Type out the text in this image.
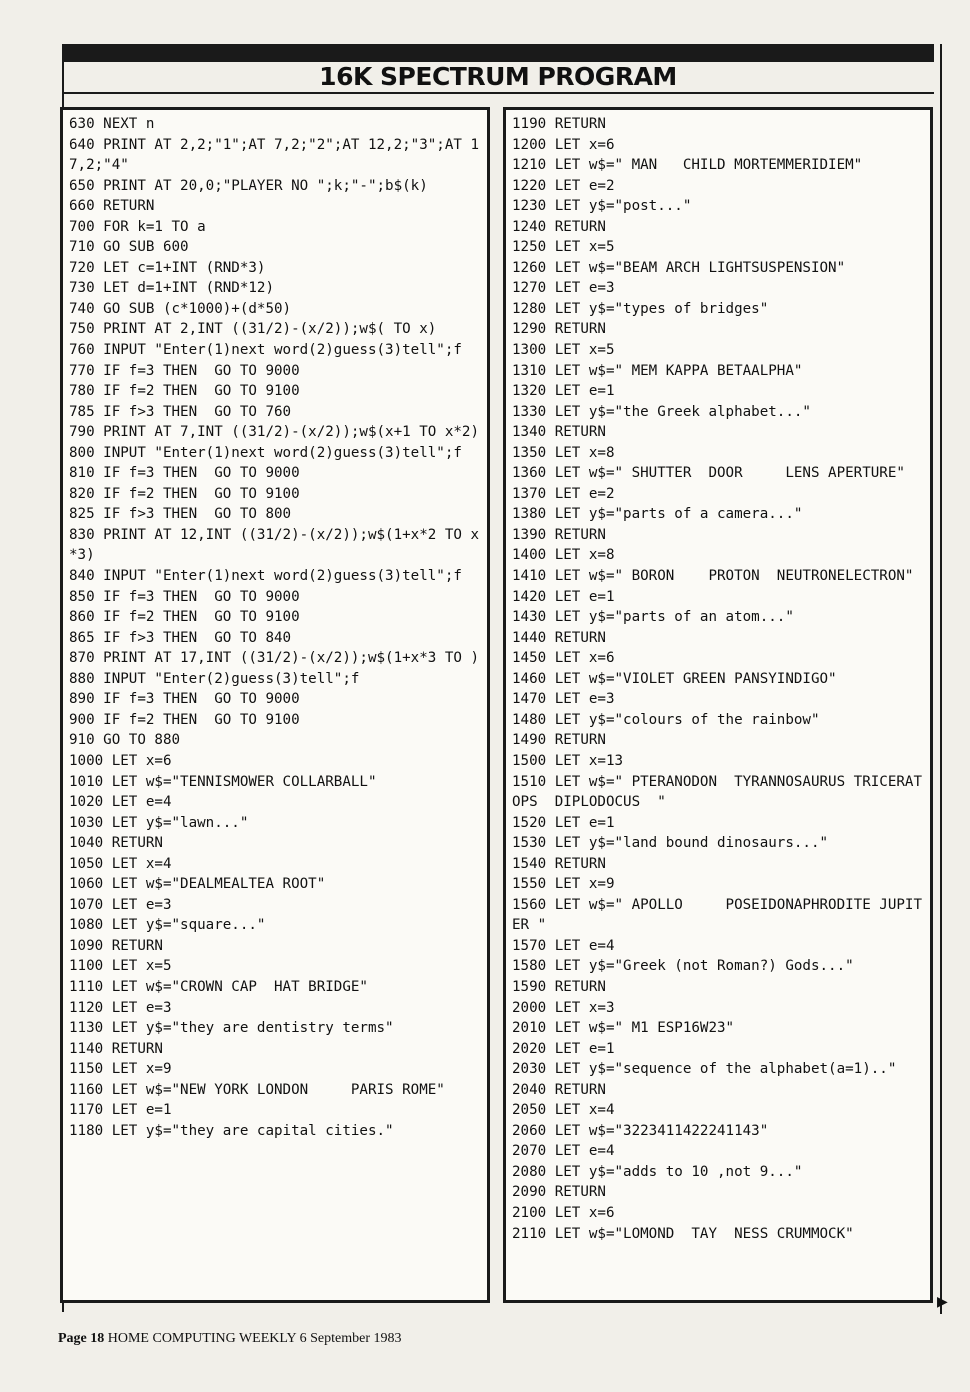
16K SPECTRUM PROGRAM
630 NEXT n
640 PRINT AT 2,2;"1";AT 7,2;"2";AT 12,2;"3";AT 17,2;"4"
650 PRINT AT 20,0;"PLAYER NO ";k;"-";b$(k)
660 RETURN
700 FOR k=1 TO a
710 GO SUB 600
720 LET c=1+INT (RND*3)
730 LET d=1+INT (RND*12)
740 GO SUB (c*1000)+(d*50)
750 PRINT AT 2,INT ((31/2)-(x/2));w$( TO x)
760 INPUT "Enter(1)next word(2)guess(3)tell";f
770 IF f=3 THEN  GO TO 9000
780 IF f=2 THEN  GO TO 9100
785 IF f>3 THEN  GO TO 760
790 PRINT AT 7,INT ((31/2)-(x/2));w$(x+1 TO x*2)
800 INPUT "Enter(1)next word(2)guess(3)tell";f
810 IF f=3 THEN  GO TO 9000
820 IF f=2 THEN  GO TO 9100
825 IF f>3 THEN  GO TO 800
830 PRINT AT 12,INT ((31/2)-(x/2));w$(1+x*2 TO x*3)
840 INPUT "Enter(1)next word(2)guess(3)tell";f
850 IF f=3 THEN  GO TO 9000
860 IF f=2 THEN  GO TO 9100
865 IF f>3 THEN  GO TO 840
870 PRINT AT 17,INT ((31/2)-(x/2));w$(1+x*3 TO )
880 INPUT "Enter(2)guess(3)tell";f
890 IF f=3 THEN  GO TO 9000
900 IF f=2 THEN  GO TO 9100
910 GO TO 880
1000 LET x=6
1010 LET w$="TENNISMOWER COLLARBALL"
1020 LET e=4
1030 LET y$="lawn..."
1040 RETURN
1050 LET x=4
1060 LET w$="DEALMEALTEA ROOT"
1070 LET e=3
1080 LET y$="square..."
1090 RETURN
1100 LET x=5
1110 LET w$="CROWN CAP  HAT BRIDGE"
1120 LET e=3
1130 LET y$="they are dentistry terms"
1140 RETURN
1150 LET x=9
1160 LET w$="NEW YORK LONDON     PARIS ROME"
1170 LET e=1
1180 LET y$="they are capital cities."
1190 RETURN
1200 LET x=6
1210 LET w$=" MAN   CHILD MORTEMMERIDIEM"
1220 LET e=2
1230 LET y$="post..."
1240 RETURN
1250 LET x=5
1260 LET w$="BEAM ARCH LIGHTSUSPENSION"
1270 LET e=3
1280 LET y$="types of bridges"
1290 RETURN
1300 LET x=5
1310 LET w$=" MEM KAPPA BETAALPHA"
1320 LET e=1
1330 LET y$="the Greek alphabet..."
1340 RETURN
1350 LET x=8
1360 LET w$=" SHUTTER  DOOR     LENS APERTURE"
1370 LET e=2
1380 LET y$="parts of a camera..."
1390 RETURN
1400 LET x=8
1410 LET w$=" BORON    PROTON  NEUTRONELECTRON"
1420 LET e=1
1430 LET y$="parts of an atom..."
1440 RETURN
1450 LET x=6
1460 LET w$="VIOLET GREEN PANSYINDIGO"
1470 LET e=3
1480 LET y$="colours of the rainbow"
1490 RETURN
1500 LET x=13
1510 LET w$=" PTERANODON  TYRANNOSAURUS TRICERATOPS  DIPLODOCUS  "
1520 LET e=1
1530 LET y$="land bound dinosaurs..."
1540 RETURN
1550 LET x=9
1560 LET w$=" APOLLO     POSEIDONAPHRODITE JUPITER "
1570 LET e=4
1580 LET y$="Greek (not Roman?) Gods..."
1590 RETURN
2000 LET x=3
2010 LET w$=" M1 ESP16W23"
2020 LET e=1
2030 LET y$="sequence of the alphabet(a=1).."
2040 RETURN
2050 LET x=4
2060 LET w$="3223411422241143"
2070 LET e=4
2080 LET y$="adds to 10 ,not 9..."
2090 RETURN
2100 LET x=6
2110 LET w$="LOMOND  TAY  NESS CRUMMOCK"
▶
Page 18 HOME COMPUTING WEEKLY 6 September 1983
